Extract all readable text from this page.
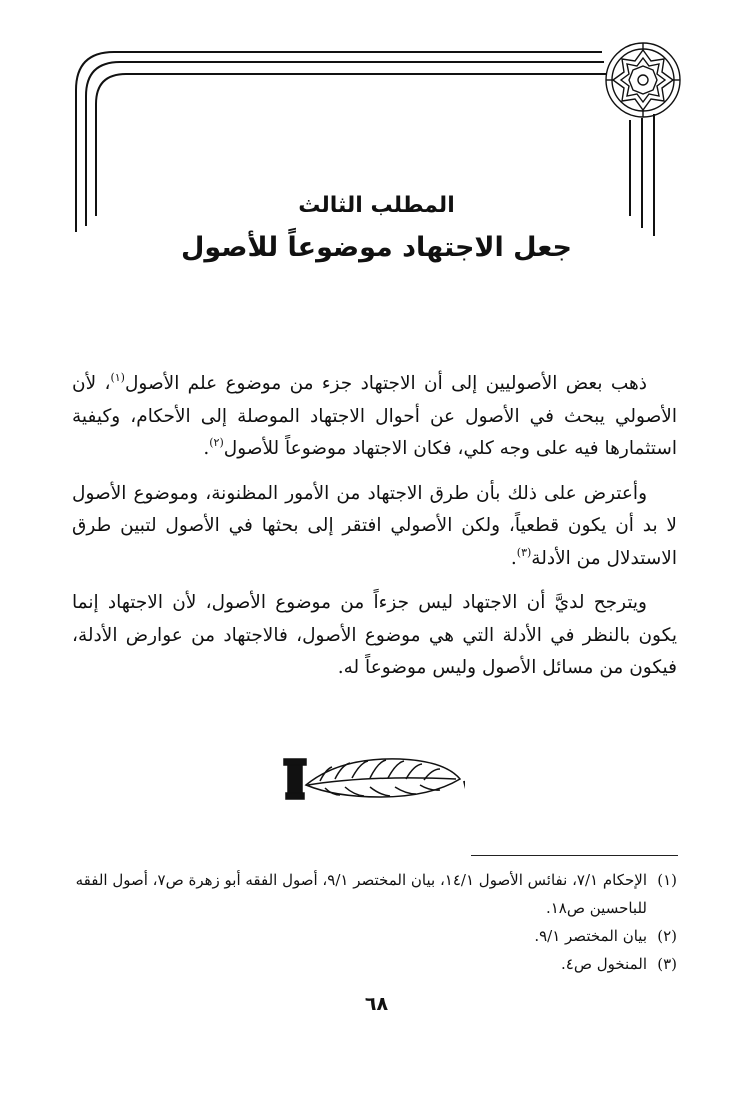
المطلب الثالث
جعل الاجتهاد موضوعاً للأصول

ذهب بعض الأصوليين إلى أن الاجتهاد جزء من موضوع علم الأصول$^{(١)}$، لأن الأصولي يبحث في الأصول عن أحوال الاجتهاد الموصلة إلى الأحكام، وكيفية استثمارها فيه على وجه كلي، فكان الاجتهاد موضوعاً للأصول$^{(٢)}$.

وأعترض على ذلك بأن طرق الاجتهاد من الأمور المظنونة، وموضوع الأصول لا بد أن يكون قطعياً، ولكن الأصولي افتقر إلى بحثها في الأصول لتبين طرق الاستدلال من الأدلة$^{(٣)}$.

ويترجح لديَّ أن الاجتهاد ليس جزءاً من موضوع الأصول، لأن الاجتهاد إنما يكون بالنظر في الأدلة التي هي موضوع الأصول، فالاجتهاد من عوارض الأدلة، فيكون من مسائل الأصول وليس موضوعاً له.

(١)
الإحكام ٧/١، نفائس الأصول ١٤/١، بيان المختصر ٩/١، أصول الفقه أبو زهرة ص٧، أصول الفقه للباحسين ص١٨.
(٢)
بيان المختصر ٩/١.
(٣)
المنخول ص٤.
٦٨
